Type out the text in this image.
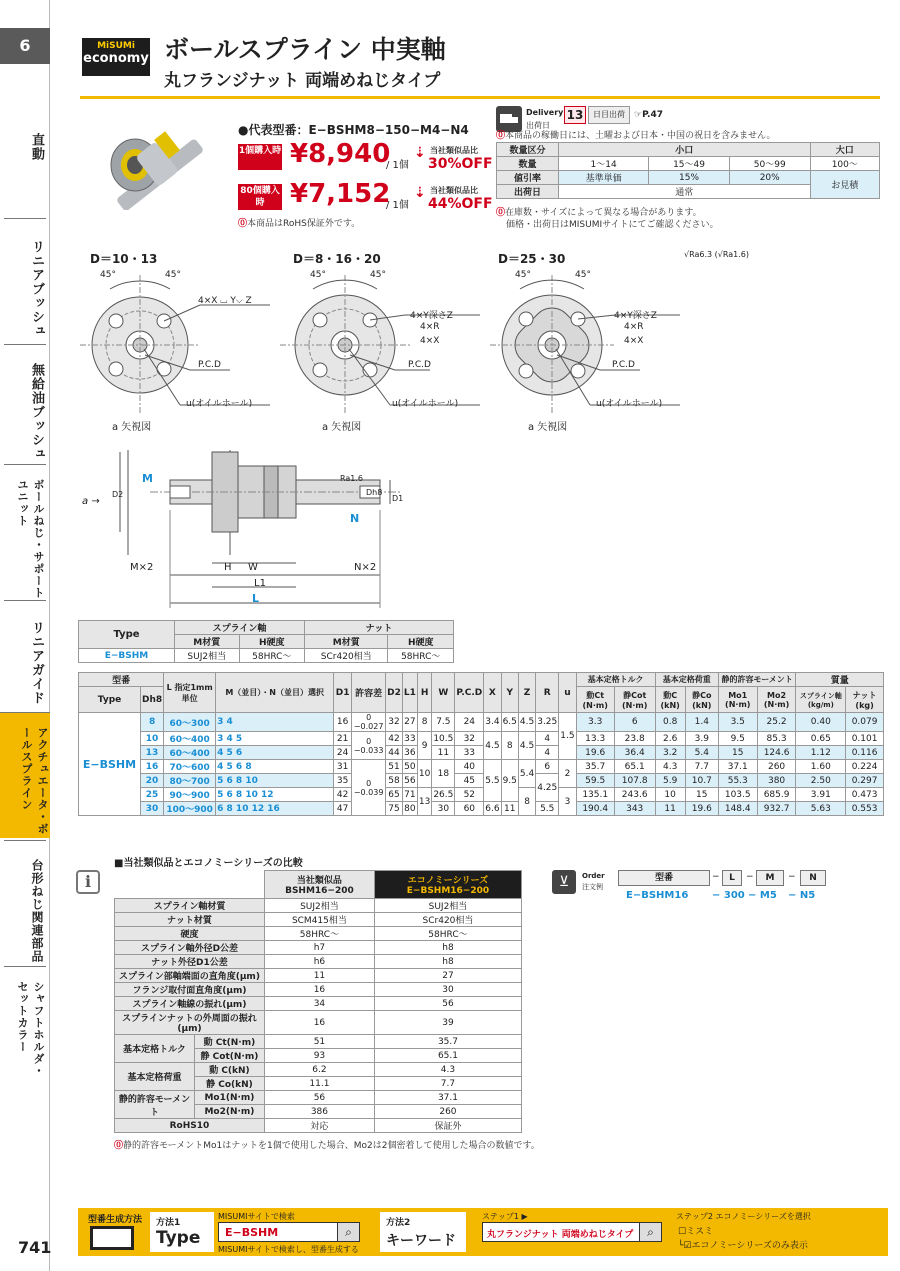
6
直動
リニアブッシュ
無給油ブッシュ
ボールねじ・サポートユニット
リニアガイド
アクチュエータ・ボールスプライン
台形ねじ関連部品
シャフトホルダ・セットカラー
MiSUMi
economy ボールスプライン 中実軸
丸フランジナット 両端めねじタイプ
●代表型番：E−BSHM8−150−M4−N4
1個購入時 ¥8,940
/ 1個
⇣ 当社類似品比
30%OFF
80個購入時 ¥7,152
/ 1個
⇣ 当社類似品比
44%OFF
⓪本商品はRoHS保証外です。
Delivery
出荷日
13	日目出荷	☞P.47
⓪本商品の稼働日には、土曜および日本・中国の祝日を含みません。
数量区分	小口			大口
数量	1〜14	15〜49	50〜99	100〜
値引率	基準単価	15%	20%	お見積
出荷日	通常			
⓪在庫数・サイズによって異なる場合があります。
価格・出荷日はMISUMIサイトにてご確認ください。
D＝10・13	D＝8・16・20	D＝25・30	√Ra6.3 (√Ra1.6)
45°	45°
4×X ⌴ Y⌵ Z
P.C.D
u(オイルホール)
a 矢視図
45°	45°
4×Y深さZ
4×R
4×X
P.C.D
u(オイルホール)
a 矢視図
45°	45°
4×Y深さZ
4×R
4×X
P.C.D
u(オイルホール)
a 矢視図
a →
M
N
D2	Dh8
D1
Ra1.6
M×2	N×2
H W
L1
L
Type	スプライン軸		ナット	
	M材質	H硬度	M材質	H硬度
E−BSHM	SUJ2相当	58HRC〜	SCr420相当	58HRC〜
型番		L 指定1mm単位	M（並目）・N（並目）選択	D1	許容差	D2	L1	H	W	P.C.D	X	Y	Z	R	u	基本定格トルク		基本定格荷重		静的許容モーメント		質量	
Type	Dh8															動Ct (N·m)	静Cot (N·m)	動C (kN)	静Co (kN)	Mo1 (N·m)	Mo2 (N·m)	スプライン軸 (kg/m)	ナット (kg)
E−BSHM	8	60〜300	3 4	16	0 −0.027	32	27	8	7.5	24	3.4	6.5	4.5	3.25	1.5	3.3	6	0.8	1.4	3.5	25.2	0.40	0.079
	10	60〜400	3 4 5	21	0 −0.033	42	33	9	10.5	32	4.5	8	4.5	4		13.3	23.8	2.6	3.9	9.5	85.3	0.65	0.101
	13	60〜400	4 5 6	24		44	36		11	33				4		19.6	36.4	3.2	5.4	15	124.6	1.12	0.116
	16	70〜600	4 5 6 8	31	0 −0.039	51	50	10	18	40	5.5	9.5	5.4	6	2	35.7	65.1	4.3	7.7	37.1	260	1.60	0.224
	20	80〜700	5 6 8 10	35		58	56			45				4.25		59.5	107.8	5.9	10.7	55.3	380	2.50	0.297
	25	90〜900	5 6 8 10 12	42		65	71	13	26.5	52			8		3	135.1	243.6	10	15	103.5	685.9	3.91	0.473
	30	100〜900	6 8 10 12 16	47		75	80		30	60	6.6	11		5.5		190.4	343	11	19.6	148.4	932.7	5.63	0.553
■当社類似品とエコノミーシリーズの比較
i
		当社類似品 BSHM16−200	エコノミーシリーズ E−BSHM16−200
スプライン軸材質		SUJ2相当	SUJ2相当
ナット材質		SCM415相当	SCr420相当
硬度		58HRC〜	58HRC〜
スプライン軸外径D公差		h7	h8
ナット外径D1公差		h6	h8
スプライン部軸端面の直角度(μm)		11	27
フランジ取付面直角度(μm)		16	30
スプライン軸線の振れ(μm)		34	56
スプラインナットの外周面の振れ(μm)		16	39
基本定格トルク	動 Ct(N·m)	51	35.7
	静 Cot(N·m)	93	65.1
基本定格荷重	動 C(kN)	6.2	4.3
	静 Co(kN)	11.1	7.7
静的許容モーメント	Mo1(N·m)	56	37.1
	Mo2(N·m)	386	260
RoHS10		対応	保証外
⓪静的許容モーメントMo1はナットを1個で使用した場合、Mo2は2個密着して使用した場合の数値です。
⊻	Order
注文例
型番	−	L	−	M	−	N
E−BSHM16 − 300 − M5 − N5
型番生成方法 方法1
Type
MISUMIサイトで検索
E−BSHM	⌕
MISUMIサイトで検索し、型番生成する
方法2
キーワード
ステップ1 ▶
丸フランジナット 両端めねじタイプ	⌕
ステップ2 エコノミーシリーズを選択
☐ミスミ
└☑エコノミーシリーズのみ表示
741
